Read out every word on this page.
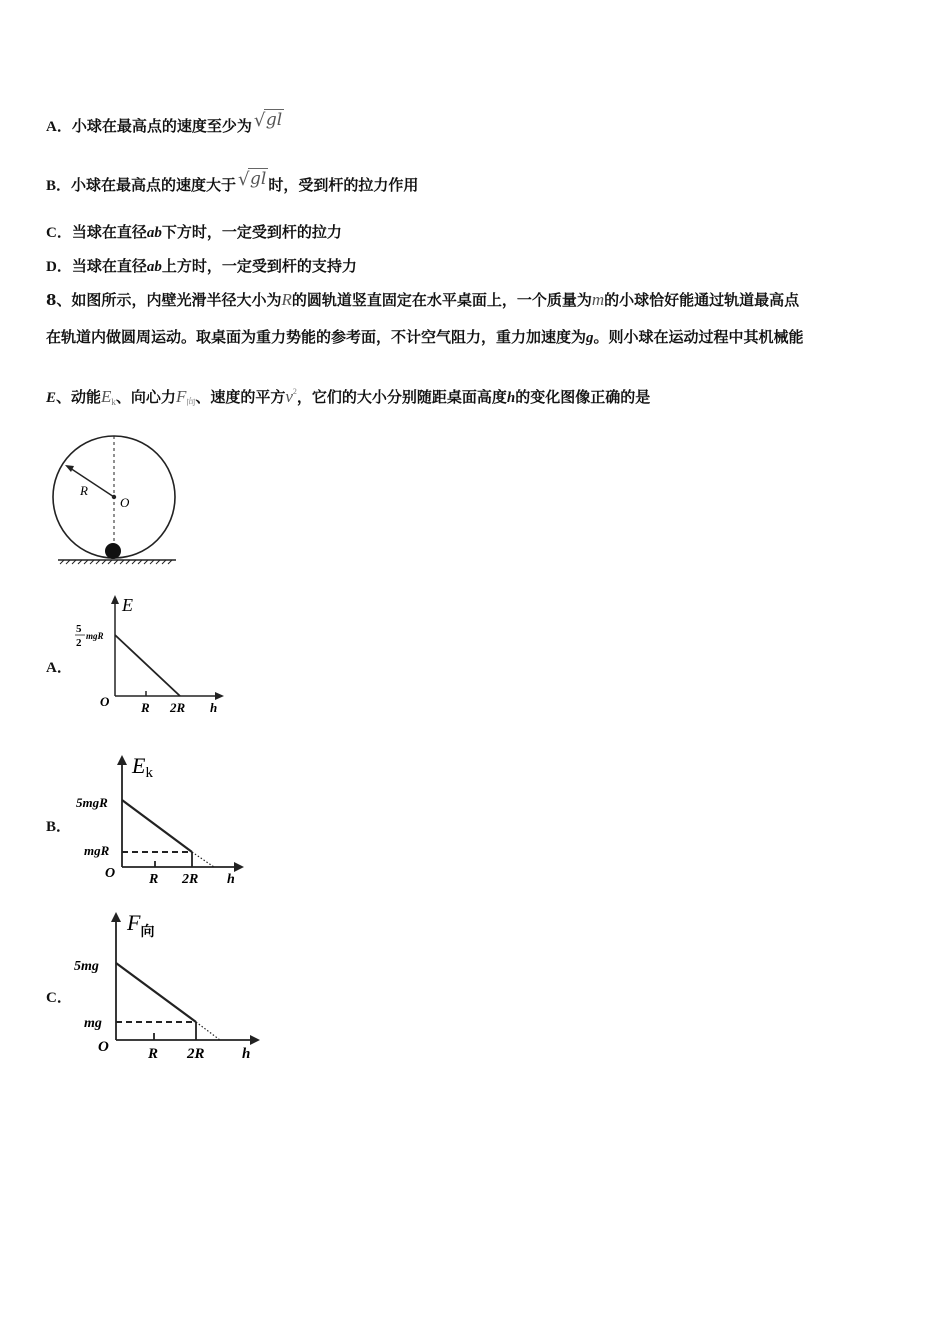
A．小球在最高点的速度至少为 √ gl
B．小球在最高点的速度大于 √ gl 时，受到杆的拉力作用
C．当球在直径ab下方时，一定受到杆的拉力
D．当球在直径ab上方时，一定受到杆的支持力
8、如图所示，内壁光滑半径大小为R的圆轨道竖直固定在水平桌面上，一个质量为m的小球恰好能通过轨道最高点
在轨道内做圆周运动。取桌面为重力势能的参考面，不计空气阻力，重力加速度为g。则小球在运动过程中其机械能
E、动能Ek、向心力F向、速度的平方$v^2$，它们的大小分别随距桌面高度h的变化图像正确的是
R
O
A．
E
5
2
mgR
O R 2R h
B．
Ek
5mgR
mgR
O R 2R h
C．
$F_向$
5mg
mg
O	R 2R h
